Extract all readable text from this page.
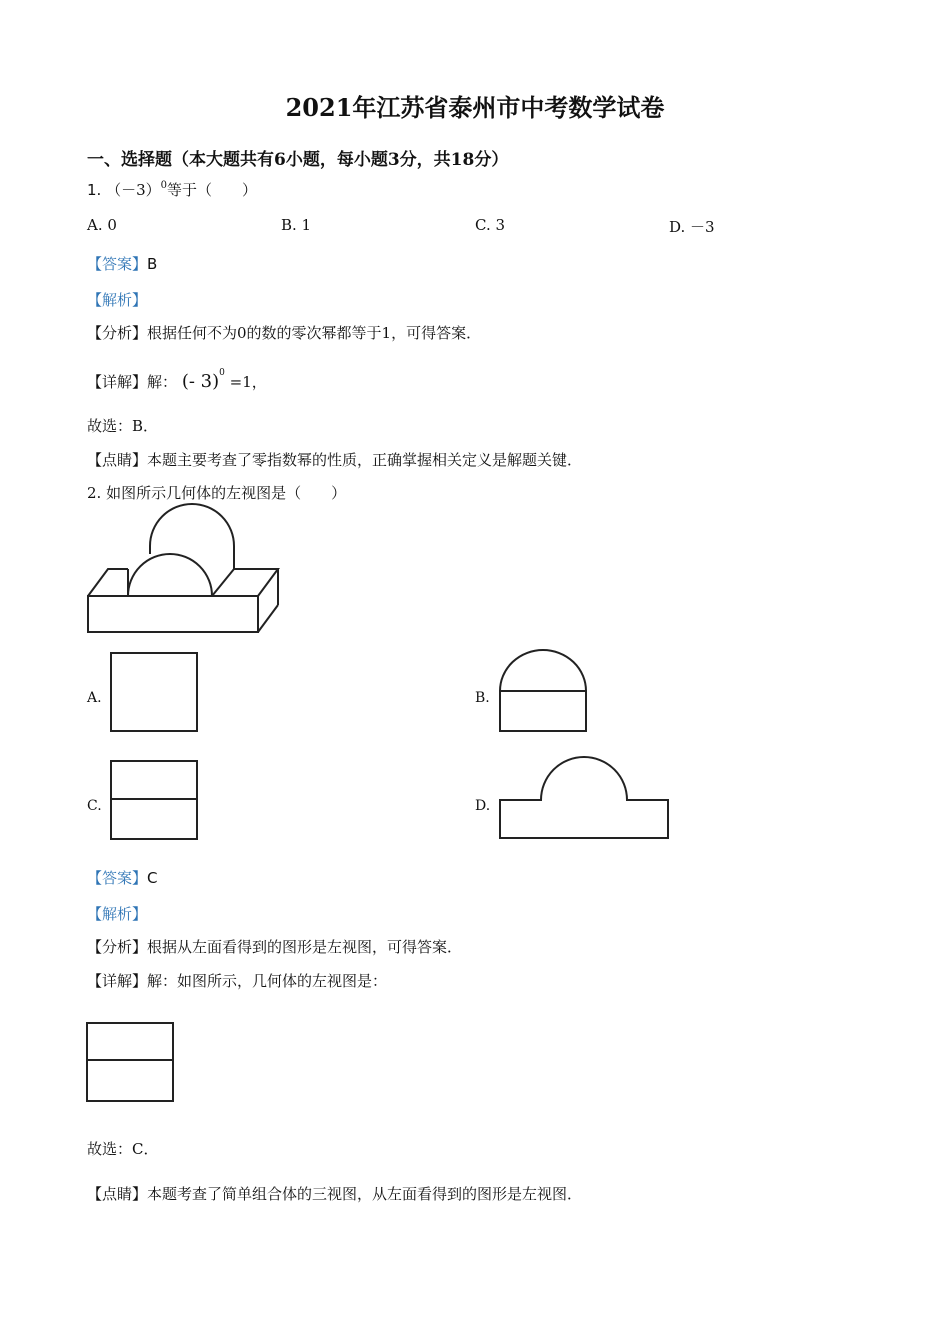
2021年江苏省泰州市中考数学试卷
一、选择题（本大题共有6小题，每小题3分，共18分）
1. $(-3)^0$等于（　　）
A. 0	B. 1	C. 3	D. －3
【答案】B
【解析】
【分析】根据任何不为0的数的零次幂都等于1，可得答案．
【详解】解： (- 3)$^0$ =1，
故选：B．
【点睛】本题主要考查了零指数幂的性质，正确掌握相关定义是解题关键．
2. 如图所示几何体的左视图是（　　）
A.	B.
C.	D.
【答案】C
【解析】
【分析】根据从左面看得到的图形是左视图，可得答案．
【详解】解：如图所示，几何体的左视图是：
故选：C．
【点睛】本题考查了简单组合体的三视图，从左面看得到的图形是左视图．
